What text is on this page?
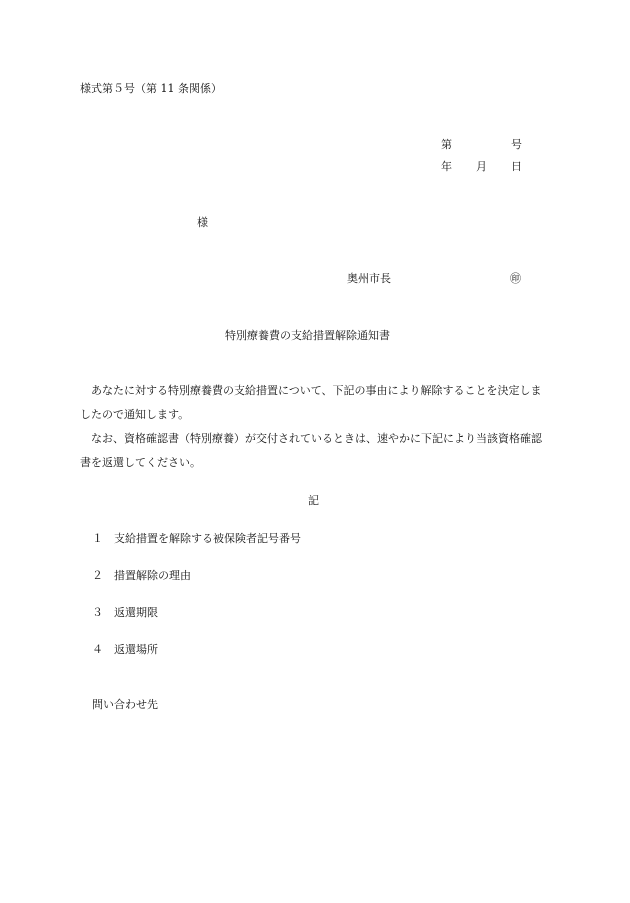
様式第５号（第 11 条関係）
第	号
年 月 日
様
奥州市長	㊞
特別療養費の支給措置解除通知書

あなたに対する特別療養費の支給措置について、下記の事由により解除することを決定しましたので通知します。

なお、資格確認書（特別療養）が交付されているときは、速やかに下記により当該資格確認書を返還してください。

記
１ 支給措置を解除する被保険者記号番号
２ 措置解除の理由
３ 返還期限
４ 返還場所
問い合わせ先
